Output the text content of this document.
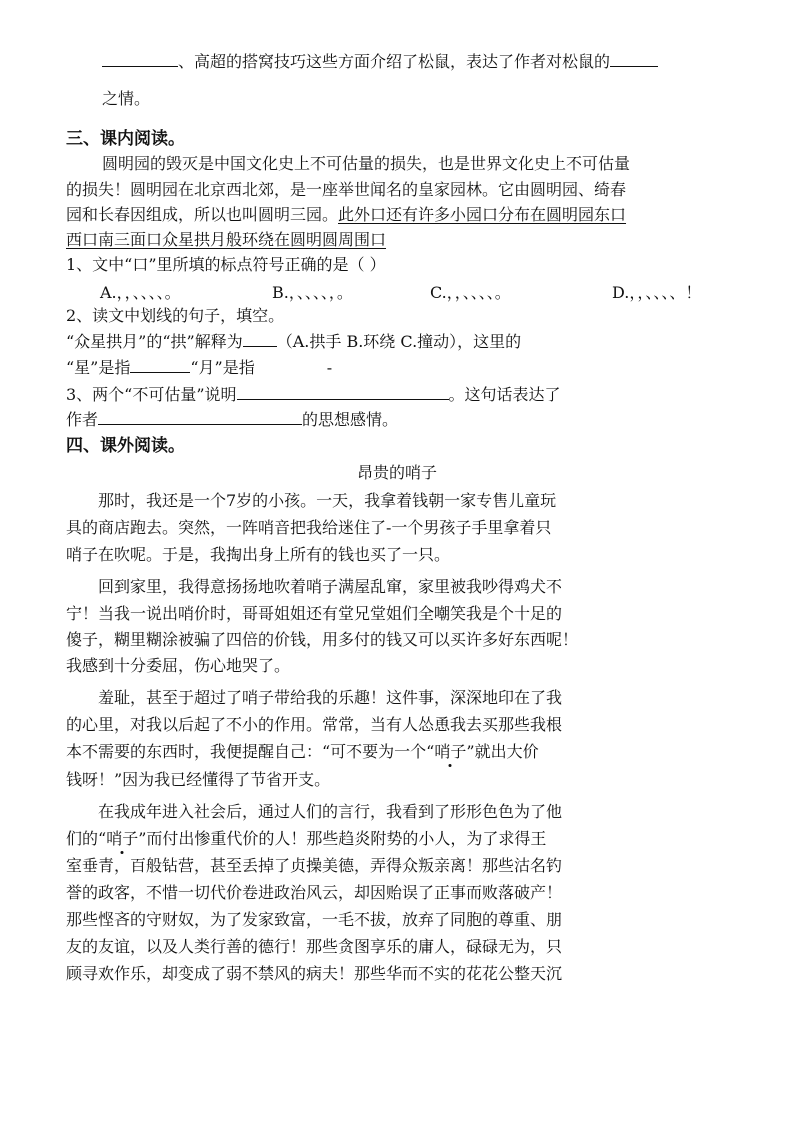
、高超的搭窝技巧这些方面介绍了松鼠，表达了作者对松鼠的
之情。
三、课内阅读。
圆明园的毁灭是中国文化史上不可估量的损失，也是世界文化史上不可估量
的损失！圆明园在北京西北郊，是一座举世闻名的皇家园林。它由圆明园、绮春
园和长春因组成，所以也叫圆明三园。此外口还有许多小园口分布在圆明园东口
西口南三面口众星拱月般环绕在圆明圆周围口
1、文中“口”里所填的标点符号正确的是（ ）
A.，，、、、、。	B.，、、、、，。	C.，，、、、、。	D.，，、、、、！
2、读文中划线的句子，填空。
“众星拱月”的“拱”解释为 （A.拱手 B.环绕 C.撞动），这里的
“星”是指	“月”是指	-
3、两个“不可估量”说明	。这句话表达了
作者	的思想感情。
四、课外阅读。
昂贵的哨子
那时，我还是一个7岁的小孩。一天，我拿着钱朝一家专售儿童玩
具的商店跑去。突然，一阵哨音把我给迷住了-一个男孩子手里拿着只
哨子在吹呢。于是，我掏出身上所有的钱也买了一只。
回到家里，我得意扬扬地吹着哨子满屋乱窜，家里被我吵得鸡犬不
宁！当我一说出哨价时，哥哥姐姐还有堂兄堂姐们全嘲笑我是个十足的
傻子，糊里糊涂被骗了四倍的价钱，用多付的钱又可以买许多好东西呢！
我感到十分委屈，伤心地哭了。
羞耻，甚至于超过了哨子带给我的乐趣！这件事，深深地印在了我
的心里，对我以后起了不小的作用。常常，当有人怂恿我去买那些我根
本不需要的东西时，我便提醒自己：“可不要为一个“哨子”就出大价
钱呀！”因为我已经懂得了节省开支。
在我成年进入社会后，通过人们的言行，我看到了形形色色为了他
们的“哨子”而付出惨重代价的人！那些趋炎附势的小人，为了求得王
室垂青，百般钻营，甚至丢掉了贞操美德，弄得众叛亲离！那些沽名钓
誉的政客，不惜一切代价卷进政治风云，却因贻误了正事而败落破产！
那些悭吝的守财奴，为了发家致富，一毛不拔，放弃了同胞的尊重、朋
友的友谊，以及人类行善的德行！那些贪图享乐的庸人，碌碌无为，只
顾寻欢作乐，却变成了弱不禁风的病夫！那些华而不实的花花公整天沉
